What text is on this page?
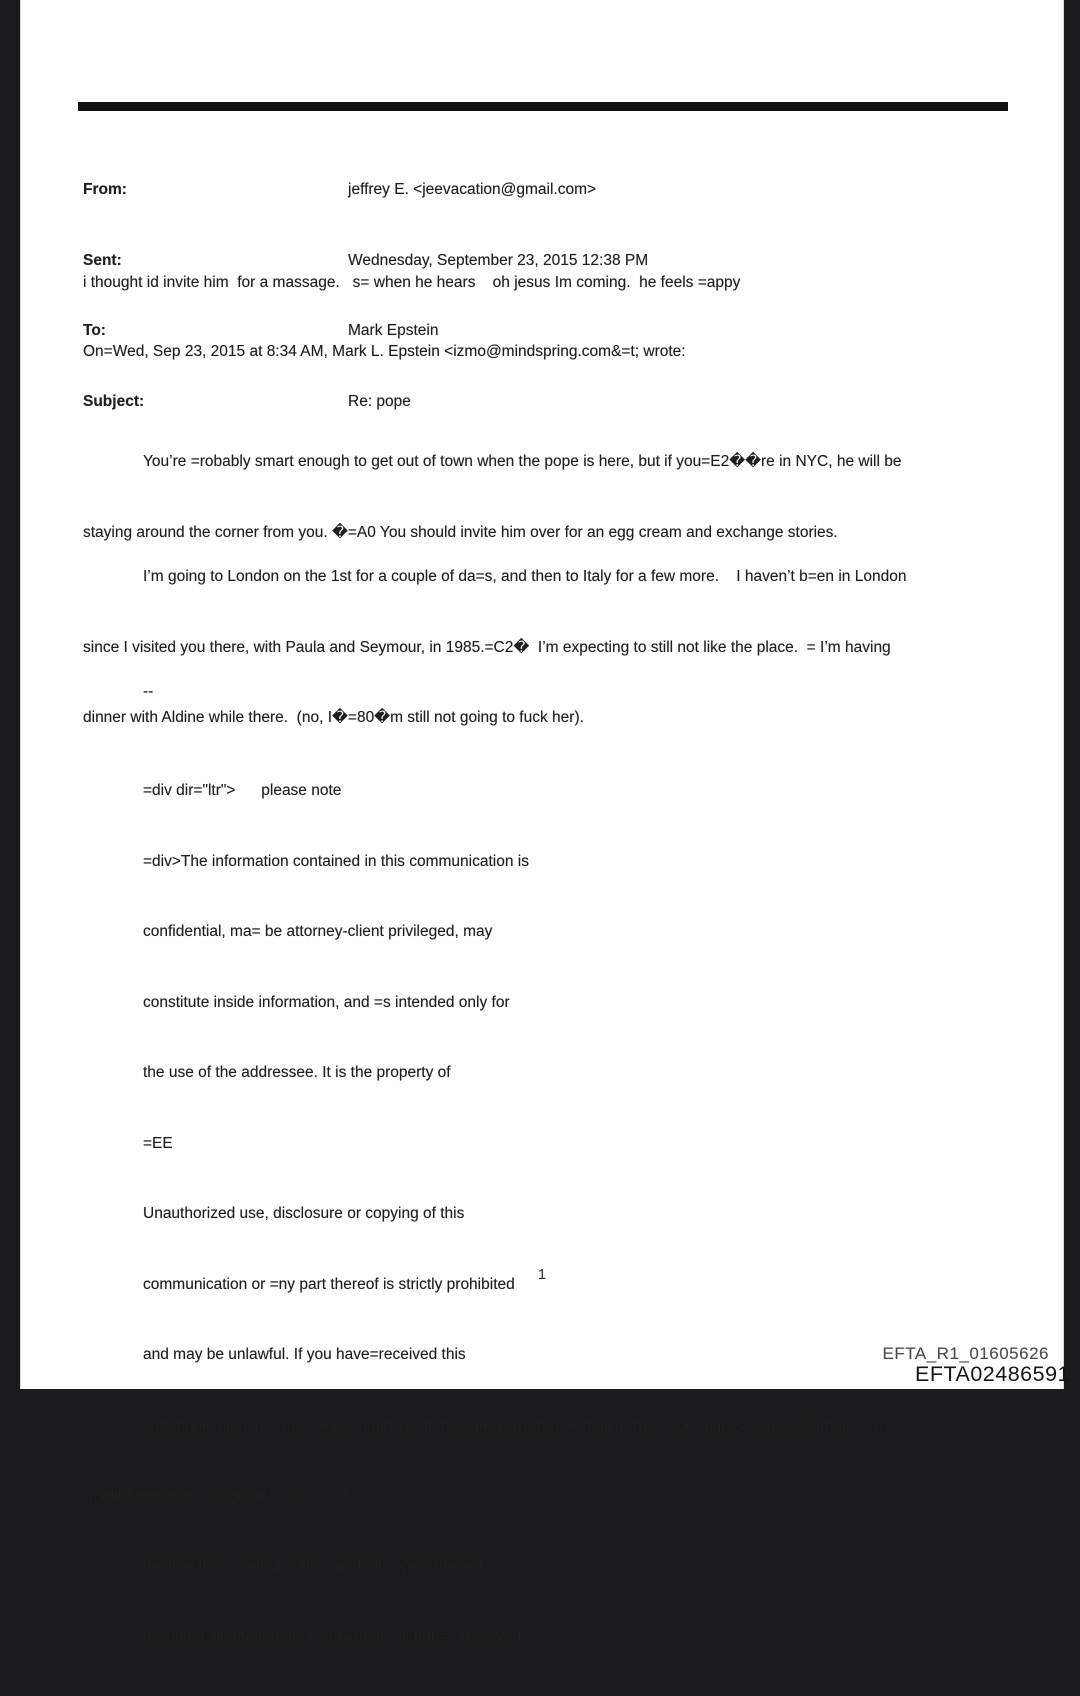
From:	jeffrey E. <jeevacation@gmail.com>

Sent:	Wednesday, September 23, 2015 12:38 PM

To:	Mark Epstein

Subject:	Re: pope

i thought id invite him  for a massage.   s= when he hears    oh jesus Im coming.  he feels =appy
On=Wed, Sep 23, 2015 at 8:34 AM, Mark L. Epstein <izmo@mindspring.com&=t; wrote:

You’re =robably smart enough to get out of town when the pope is here, but if you=E2��re in NYC, he will be

staying around the corner from you. �=A0 You should invite him over for an egg cream and exchange stories.

I’m going to London on the 1st for a couple of da=s, and then to Italy for a few more.    I haven’t b=en in London

since I visited you there, with Paula and Seymour, in 1985.=C2�  I’m expecting to still not like the place.  = I’m having

dinner with Aldine while there.  (no, I�=80�m still not going to fuck her).

--

=div dir="ltr">      please note

=div>The information contained in this communication is

confidential, ma= be attorney-client privileged, may

constitute inside information, and =s intended only for

the use of the addressee. It is the property of

=EE

Unauthorized use, disclosure or copying of this

communication or =ny part thereof is strictly prohibited

and may be unlawful. If you have=received this

communication in error, please notify us immediately byreturn e-mail or by e-mail to jeevacation@gmail.com

<mailto:jeevacation@gmail.com> , and

destroy this communicatio= and all copies thereof,

including all attachments. copyright -all righ=s reserved

1
EFTA_R1_01605626
EFTA02486591
